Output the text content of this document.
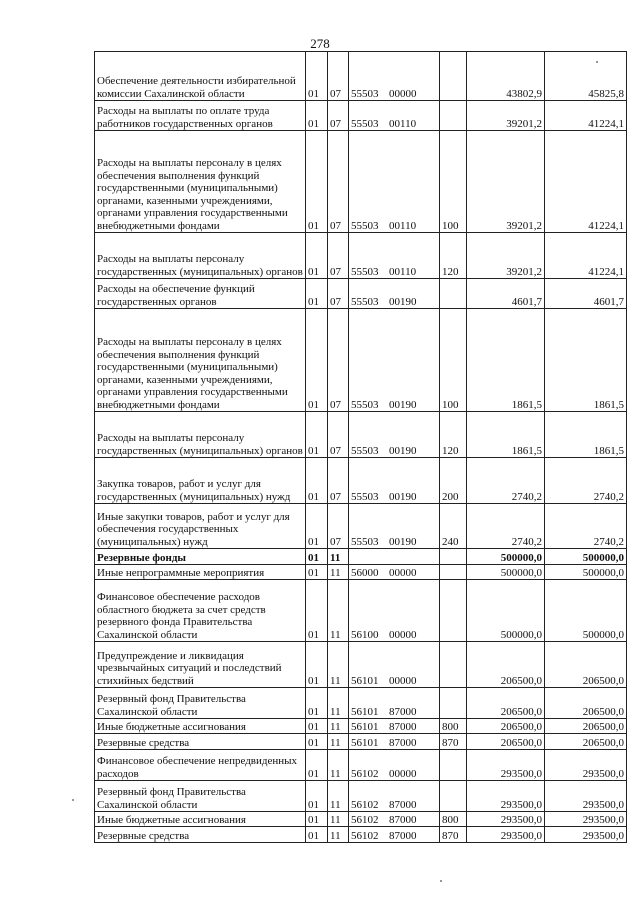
278
Обеспечение деятельности избирательной комиссии Сахалинской области	01	07	55503 00000		43802,9	45825,8
Расходы на выплаты по оплате труда работников государственных органов	01	07	55503 00110		39201,2	41224,1
Расходы на выплаты персоналу в целях обеспечения выполнения функций государственными (муниципальными) органами, казенными учреждениями, органами управления государственными внебюджетными фондами	01	07	55503 00110	100	39201,2	41224,1
Расходы на выплаты персоналу государственных (муниципальных) органов	01	07	55503 00110	120	39201,2	41224,1
Расходы на обеспечение функций государственных органов	01	07	55503 00190		4601,7	4601,7
Расходы на выплаты персоналу в целях обеспечения выполнения функций государственными (муниципальными) органами, казенными учреждениями, органами управления государственными внебюджетными фондами	01	07	55503 00190	100	1861,5	1861,5
Расходы на выплаты персоналу государственных (муниципальных) органов	01	07	55503 00190	120	1861,5	1861,5
Закупка товаров, работ и услуг для государственных (муниципальных) нужд	01	07	55503 00190	200	2740,2	2740,2
Иные закупки товаров, работ и услуг для обеспечения государственных (муниципальных) нужд	01	07	55503 00190	240	2740,2	2740,2
Резервные фонды	01	11			500000,0	500000,0
Иные непрограммные мероприятия	01	11	56000 00000		500000,0	500000,0
Финансовое обеспечение расходов областного бюджета за счет средств резервного фонда Правительства Сахалинской области	01	11	56100 00000		500000,0	500000,0
Предупреждение и ликвидация чрезвычайных ситуаций и последствий стихийных бедствий	01	11	56101 00000		206500,0	206500,0
Резервный фонд Правительства Сахалинской области	01	11	56101 87000		206500,0	206500,0
Иные бюджетные ассигнования	01	11	56101 87000	800	206500,0	206500,0
Резервные средства	01	11	56101 87000	870	206500,0	206500,0
Финансовое обеспечение непредвиденных расходов	01	11	56102 00000		293500,0	293500,0
Резервный фонд Правительства Сахалинской области	01	11	56102 87000		293500,0	293500,0
Иные бюджетные ассигнования	01	11	56102 87000	800	293500,0	293500,0
Резервные средства	01	11	56102 87000	870	293500,0	293500,0
